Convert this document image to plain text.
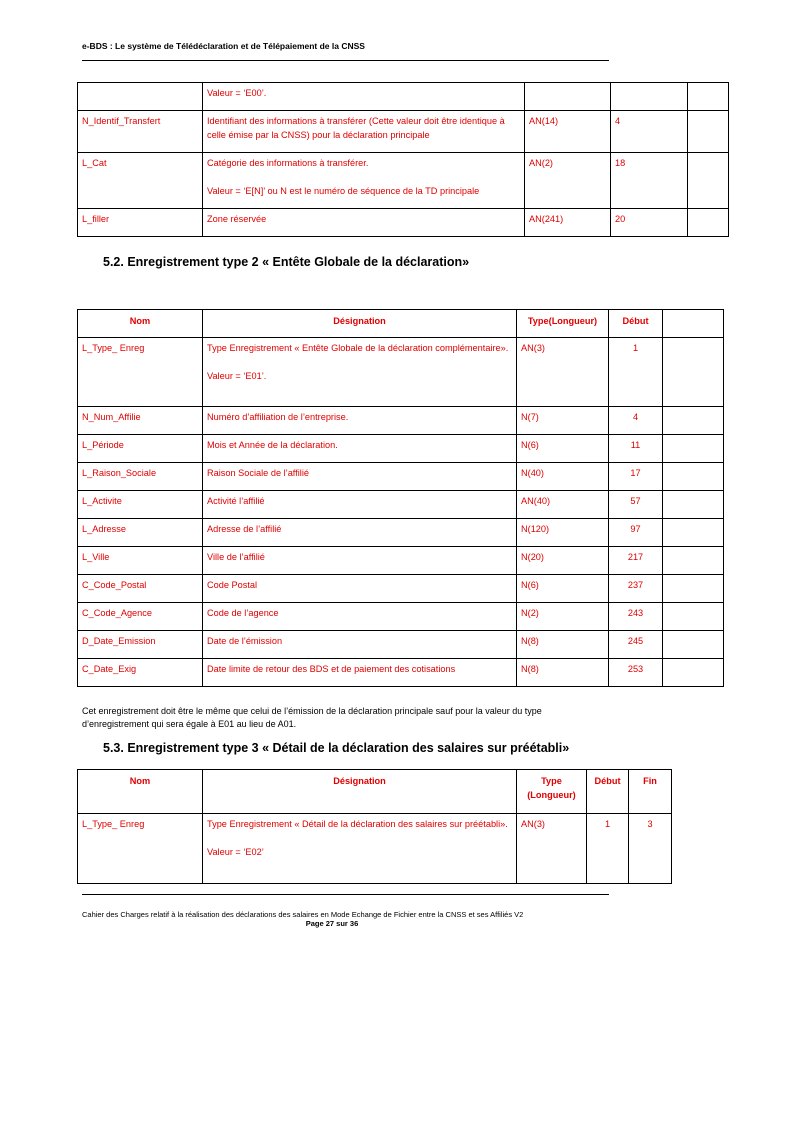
e-BDS : Le système de Télédéclaration et de Télépaiement de la CNSS

	Valeur = ‘E00’.			

N_Identif_Transfert	Identifiant des informations à transférer (Cette valeur doit être identique à celle émise par la CNSS) pour la déclaration principale	AN(14)	4	
L_Cat	Catégorie des informations à transférer.
Valeur = ‘E[N]’ ou N est le numéro de séquence de la TD principale	AN(2)	18	
L_filler	Zone réservée	AN(241)	20	
5.2. Enregistrement type 2 « Entête Globale de la déclaration»
Nom	Désignation	Type(Longueur)	Début	
L_Type_ Enreg	Type Enregistrement « Entête Globale de la déclaration complémentaire».
Valeur = ‘E01’.	AN(3)	1	
N_Num_Affilie	Numéro d’affiliation de l’entreprise.	N(7)	4	
L_Période	Mois et Année de la déclaration.	N(6)	11	
L_Raison_Sociale	Raison Sociale de l’affilié	N(40)	17	
L_Activite	Activité l’affilié	AN(40)	57	
L_Adresse	Adresse de l’affilié	N(120)	97	
L_Ville	Ville de l’affilié	N(20)	217	
C_Code_Postal	Code Postal	N(6)	237	
C_Code_Agence	Code de l’agence	N(2)	243	
D_Date_Emission	Date de l’émission	N(8)	245	
C_Date_Exig	Date limite de retour des BDS et de paiement des cotisations	N(8)	253	
Cet enregistrement doit être le même que celui de l’émission de la déclaration principale sauf pour la valeur du type d’enregistrement qui sera égale à E01 au lieu de A01.
5.3. Enregistrement type 3 « Détail de la déclaration des salaires sur préétabli»
Nom	Désignation	Type (Longueur)	Début	Fin
L_Type_ Enreg	Type Enregistrement « Détail de la déclaration des salaires sur préétabli».
Valeur = ‘E02’	AN(3)	1	3
Cahier des Charges relatif à la réalisation des déclarations des salaires en Mode Echange de Fichier entre la CNSS et ses Affiliés V2
Page 27 sur 36
